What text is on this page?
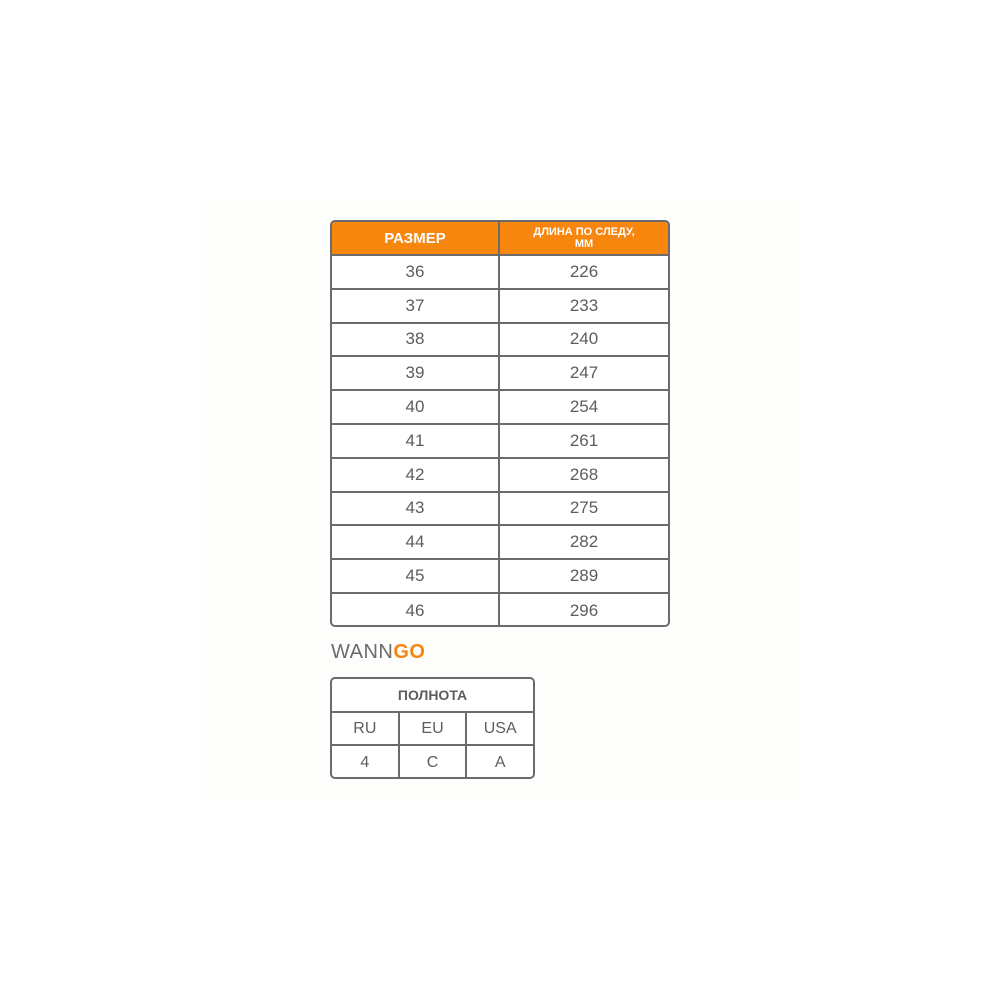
РАЗМЕР	ДЛИНА ПО СЛЕДУ,
ММ
36	226
37	233
38	240
39	247
40	254
41	261
42	268
43	275
44	282
45	289
46	296
WANNGO
ПОЛНОТА
RU	EU	USA
4	C	A
